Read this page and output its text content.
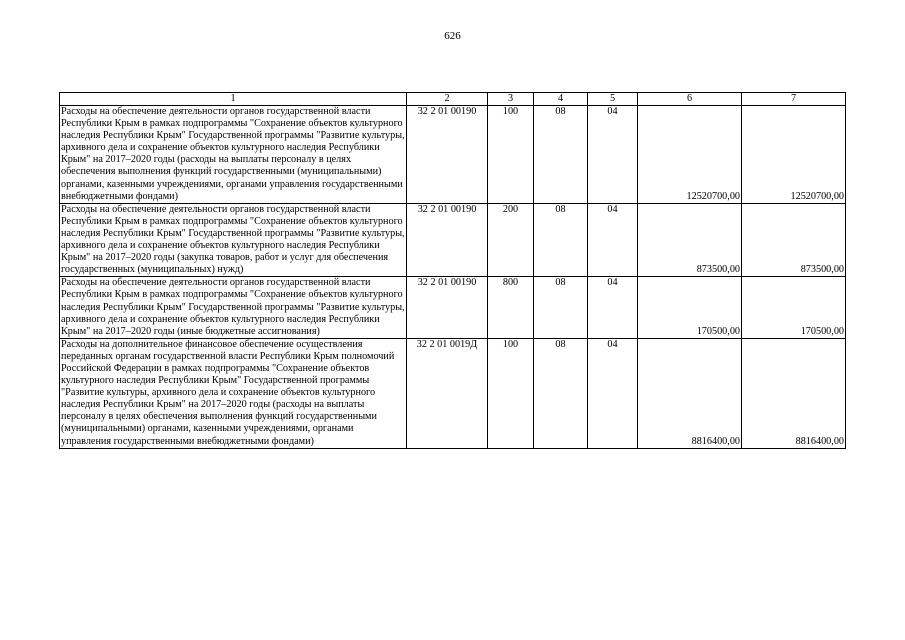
626
1	2	3	4	5	6	7
Расходы на обеспечение деятельности органов государственной власти Республики Крым в рамках подпрограммы "Сохранение объектов культурного наследия Республики Крым" Государственной программы "Развитие культуры, архивного дела и сохранение объектов культурного наследия Республики Крым" на 2017–2020 годы (расходы на выплаты персоналу в целях обеспечения выполнения функций государственными (муниципальными) органами, казенными учреждениями, органами управления государственными внебюджетными фондами)	32 2 01 00190	100	08	04	12520700,00	12520700,00
Расходы на обеспечение деятельности органов государственной власти Республики Крым в рамках подпрограммы "Сохранение объектов культурного наследия Республики Крым" Государственной программы "Развитие культуры, архивного дела и сохранение объектов культурного наследия Республики Крым" на 2017–2020 годы (закупка товаров, работ и услуг для обеспечения государственных (муниципальных) нужд)	32 2 01 00190	200	08	04	873500,00	873500,00
Расходы на обеспечение деятельности органов государственной власти Республики Крым в рамках подпрограммы "Сохранение объектов культурного наследия Республики Крым" Государственной программы "Развитие культуры, архивного дела и сохранение объектов культурного наследия Республики Крым" на 2017–2020 годы (иные бюджетные ассигнования)	32 2 01 00190	800	08	04	170500,00	170500,00
Расходы на дополнительное финансовое обеспечение осуществления переданных органам государственной власти Республики Крым полномочий Российской Федерации в рамках подпрограммы "Сохранение объектов культурного наследия Республики Крым" Государственной программы "Развитие культуры, архивного дела и сохранение объектов культурного наследия Республики Крым" на 2017–2020 годы (расходы на выплаты персоналу в целях обеспечения выполнения функций государственными (муниципальными) органами, казенными учреждениями, органами управления государственными внебюджетными фондами)	32 2 01 0019Д	100	08	04	8816400,00	8816400,00
